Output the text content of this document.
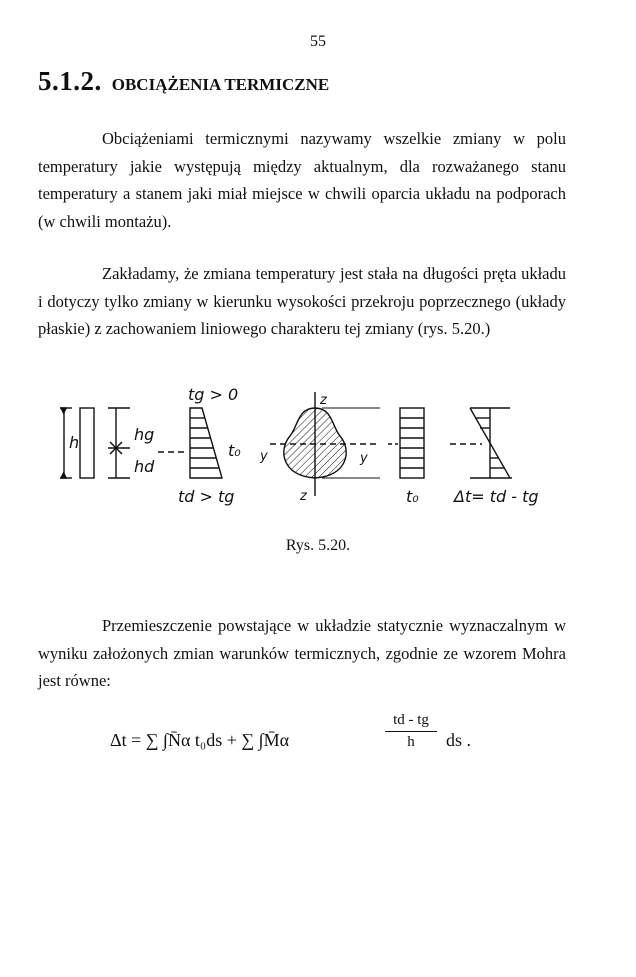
55
5.1.2. OBCIĄŻENIA TERMICZNE

Obciążeniami termicznymi nazywamy wszelkie zmiany w polu temperatury jakie występują między aktualnym, dla rozważanego stanu temperatury a stanem jaki miał miejsce w chwili oparcia układu na podporach (w chwili montażu).

Zakładamy, że zmiana temperatury jest stała na długości pręta układu i dotyczy tylko zmiany w kierunku wysokości przekroju poprzecznego (układy płaskie) z zachowaniem liniowego charakteru tej zmiany (rys. 5.20.)

h	hg
hd
tg > 0
t₀
td > tg
z
z
y	y
t₀ Δt= td - tg
Rys. 5.20.

Przemieszczenie powstające w układzie statycznie wyznaczalnym w wyniku założonych zmian warunków termicznych, zgodnie ze wzorem Mohra jest równe:

Δt = ∑ ∫N̄α t₀ds + ∑ ∫M̄α	$\frac{td - tg}{h}$ ds .
